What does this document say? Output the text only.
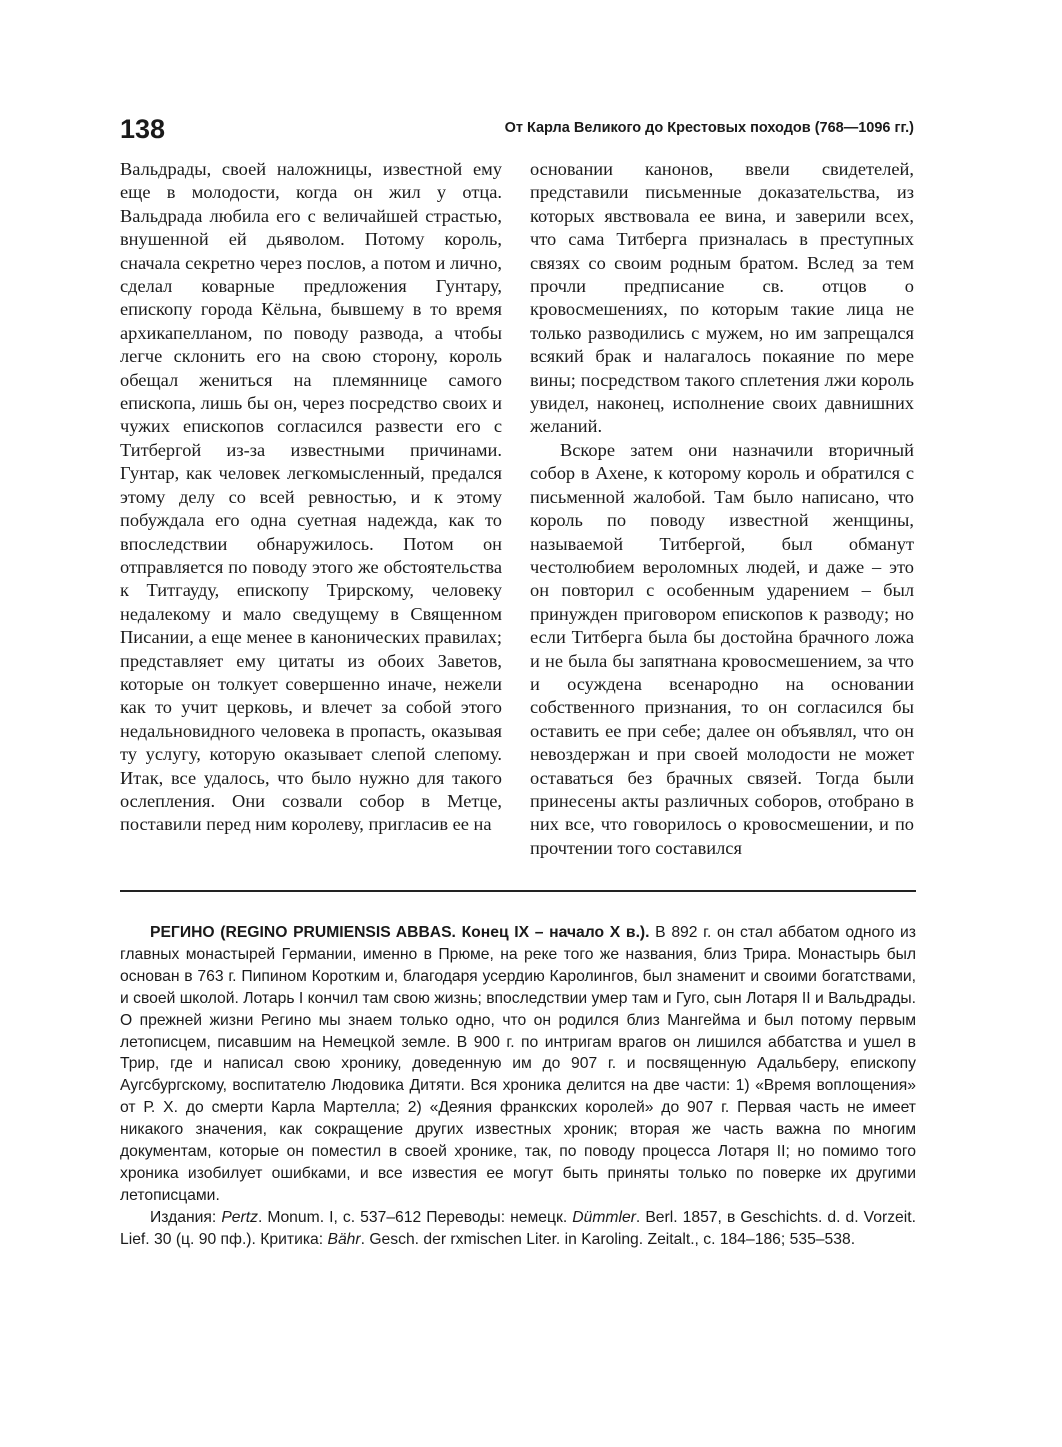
138	От Карла Великого до Крестовых походов (768—1096 гг.)

Вальдрады, своей наложницы, известной ему еще в молодости, когда он жил у отца. Вальдрада любила его с величайшей страстью, внушенной ей дьяволом. Потому король, сначала секретно через послов, а потом и лично, сделал коварные предложения Гунтару, епископу города Кёльна, бывшему в то время архикапелланом, по поводу развода, а чтобы легче склонить его на свою сторону, король обещал жениться на племяннице самого епископа, лишь бы он, через посредство своих и чужих епископов согласился развести его с Титбергой из-за известными причинами. Гунтар, как человек легкомысленный, предался этому делу со всей ревностью, и к этому побуждала его одна суетная надежда, как то впоследствии обнаружилось. Потом он отправляется по поводу этого же обстоятельства к Титгауду, епископу Трирскому, человеку недалекому и мало сведущему в Священном Писании, а еще менее в канонических правилах; представляет ему цитаты из обоих Заветов, которые он толкует совершенно иначе, нежели как то учит церковь, и влечет за собой этого недальновидного человека в пропасть, оказывая ту услугу, которую оказывает слепой слепому. Итак, все удалось, что было нужно для такого ослепления. Они созвали собор в Метце, поставили перед ним королеву, пригласив ее на

основании канонов, ввели свидетелей, представили письменные доказательства, из которых явствовала ее вина, и заверили всех, что сама Титберга призналась в преступных связях со своим родным братом. Вслед за тем прочли предписание св. отцов о кровосмешениях, по которым такие лица не только разводились с мужем, но им запрещался всякий брак и налагалось покаяние по мере вины; посредством такого сплетения лжи король увидел, наконец, исполнение своих давнишних желаний.

Вскоре затем они назначили вторичный собор в Ахене, к которому король и обратился с письменной жалобой. Там было написано, что король по поводу известной женщины, называемой Титбергой, был обманут честолюбием вероломных людей, и даже – это он повторил с особенным ударением – был принужден приговором епископов к разводу; но если Титберга была бы достойна брачного ложа и не была бы запятнана кровосмешением, за что и осуждена всенародно на основании собственного признания, то он согласился бы оставить ее при себе; далее он объявлял, что он невоздержан и при своей молодости не может оставаться без брачных связей. Тогда были принесены акты различных соборов, отобрано в них все, что говорилось о кровосмешении, и по прочтении того составился

РЕГИНО (REGINO PRUMIENSIS ABBAS. Конец IX – начало X в.). В 892 г. он стал аббатом одного из главных монастырей Германии, именно в Прюме, на реке того же названия, близ Трира. Монастырь был основан в 763 г. Пипином Коротким и, благодаря усердию Каролингов, был знаменит и своими богатствами, и своей школой. Лотарь I кончил там свою жизнь; впоследствии умер там и Гуго, сын Лотаря II и Вальдрады. О прежней жизни Регино мы знаем только одно, что он родился близ Мангейма и был потому первым летописцем, писавшим на Немецкой земле. В 900 г. по интригам врагов он лишился аббатства и ушел в Трир, где и написал свою хронику, доведенную им до 907 г. и посвященную Адальберу, епископу Аугсбургскому, воспитателю Людовика Дитяти. Вся хроника делится на две части: 1) «Время воплощения» от Р. Х. до смерти Карла Мартелла; 2) «Деяния франкских королей» до 907 г. Первая часть не имеет никакого значения, как сокращение других известных хроник; вторая же часть важна по многим документам, которые он поместил в своей хронике, так, по поводу процесса Лотаря II; но помимо того хроника изобилует ошибками, и все известия ее могут быть приняты только по поверке их другими летописцами.

Издания: Pertz. Monum. I, с. 537–612 Переводы: немецк. Dümmler. Berl. 1857, в Geschichts. d. d. Vorzeit. Lief. 30 (ц. 90 пф.). Критика: Bähr. Gesch. der rxmischen Liter. in Karoling. Zeitalt., с. 184–186; 535–538.
